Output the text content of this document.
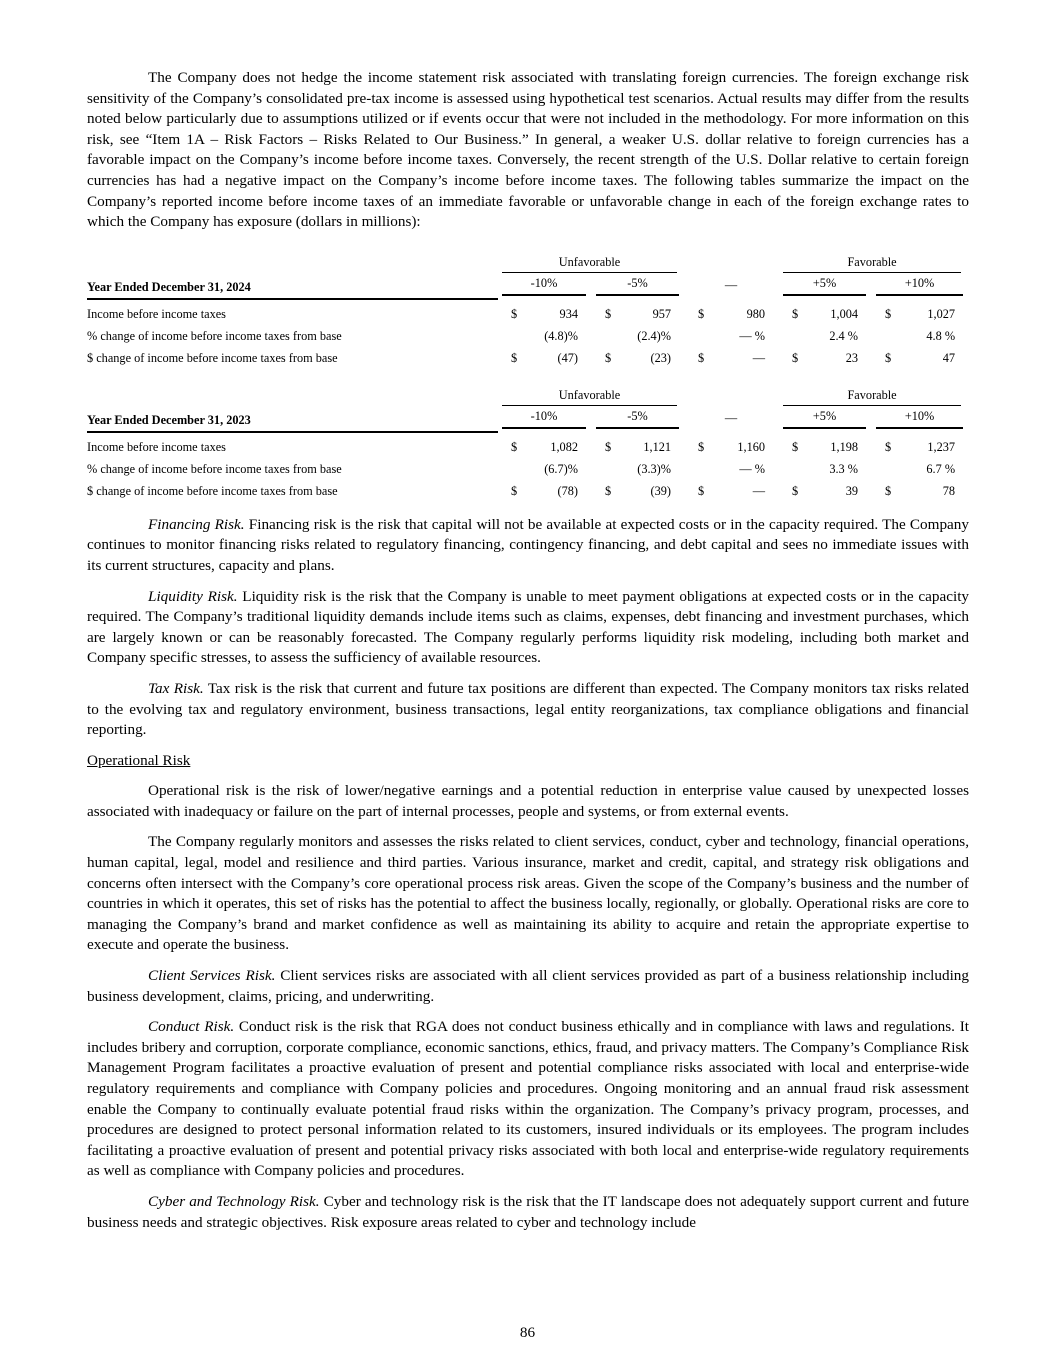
The Company does not hedge the income statement risk associated with translating foreign currencies. The foreign exchange risk sensitivity of the Company’s consolidated pre-tax income is assessed using hypothetical test scenarios. Actual results may differ from the results noted below particularly due to assumptions utilized or if events occur that were not included in the methodology. For more information on this risk, see “Item 1A – Risk Factors – Risks Related to Our Business.” In general, a weaker U.S. dollar relative to foreign currencies has a favorable impact on the Company’s income before income taxes. Conversely, the recent strength of the U.S. Dollar relative to certain foreign currencies has had a negative impact on the Company’s income before income taxes. The following tables summarize the impact on the Company’s reported income before income taxes of an immediate favorable or unfavorable change in each of the foreign exchange rates to which the Company has exposure (dollars in millions):

	Unfavorable						Favorable			

Year Ended December 31, 2024	-10%		-5%		—		+5%		+10%	

Income before income taxes	$	934	$	957	$	980	$	1,004	$	1,027
% change of income before income taxes from base		(4.8)%		(2.4)%		— %		2.4 %		4.8 %
$ change of income before income taxes from base	$	(47)	$	(23)	$	—	$	23	$	47

	Unfavorable						Favorable			

Year Ended December 31, 2023	-10%		-5%		—		+5%		+10%	

Income before income taxes	$	1,082	$	1,121	$	1,160	$	1,198	$	1,237
% change of income before income taxes from base		(6.7)%		(3.3)%		— %		3.3 %		6.7 %
$ change of income before income taxes from base	$	(78)	$	(39)	$	—	$	39	$	78

Financing Risk. Financing risk is the risk that capital will not be available at expected costs or in the capacity required. The Company continues to monitor financing risks related to regulatory financing, contingency financing, and debt capital and sees no immediate issues with its current structures, capacity and plans.

Liquidity Risk. Liquidity risk is the risk that the Company is unable to meet payment obligations at expected costs or in the capacity required. The Company’s traditional liquidity demands include items such as claims, expenses, debt financing and investment purchases, which are largely known or can be reasonably forecasted. The Company regularly performs liquidity risk modeling, including both market and Company specific stresses, to assess the sufficiency of available resources.

Tax Risk. Tax risk is the risk that current and future tax positions are different than expected. The Company monitors tax risks related to the evolving tax and regulatory environment, business transactions, legal entity reorganizations, tax compliance obligations and financial reporting.

Operational Risk

Operational risk is the risk of lower/negative earnings and a potential reduction in enterprise value caused by unexpected losses associated with inadequacy or failure on the part of internal processes, people and systems, or from external events.

The Company regularly monitors and assesses the risks related to client services, conduct, cyber and technology, financial operations, human capital, legal, model and resilience and third parties. Various insurance, market and credit, capital, and strategy risk obligations and concerns often intersect with the Company’s core operational process risk areas. Given the scope of the Company’s business and the number of countries in which it operates, this set of risks has the potential to affect the business locally, regionally, or globally. Operational risks are core to managing the Company’s brand and market confidence as well as maintaining its ability to acquire and retain the appropriate expertise to execute and operate the business.

Client Services Risk. Client services risks are associated with all client services provided as part of a business relationship including business development, claims, pricing, and underwriting.

Conduct Risk. Conduct risk is the risk that RGA does not conduct business ethically and in compliance with laws and regulations. It includes bribery and corruption, corporate compliance, economic sanctions, ethics, fraud, and privacy matters. The Company’s Compliance Risk Management Program facilitates a proactive evaluation of present and potential compliance risks associated with local and enterprise-wide regulatory requirements and compliance with Company policies and procedures. Ongoing monitoring and an annual fraud risk assessment enable the Company to continually evaluate potential fraud risks within the organization. The Company’s privacy program, processes, and procedures are designed to protect personal information related to its customers, insured individuals or its employees. The program includes facilitating a proactive evaluation of present and potential privacy risks associated with both local and enterprise-wide regulatory requirements as well as compliance with Company policies and procedures.

Cyber and Technology Risk. Cyber and technology risk is the risk that the IT landscape does not adequately support current and future business needs and strategic objectives. Risk exposure areas related to cyber and technology include

86
